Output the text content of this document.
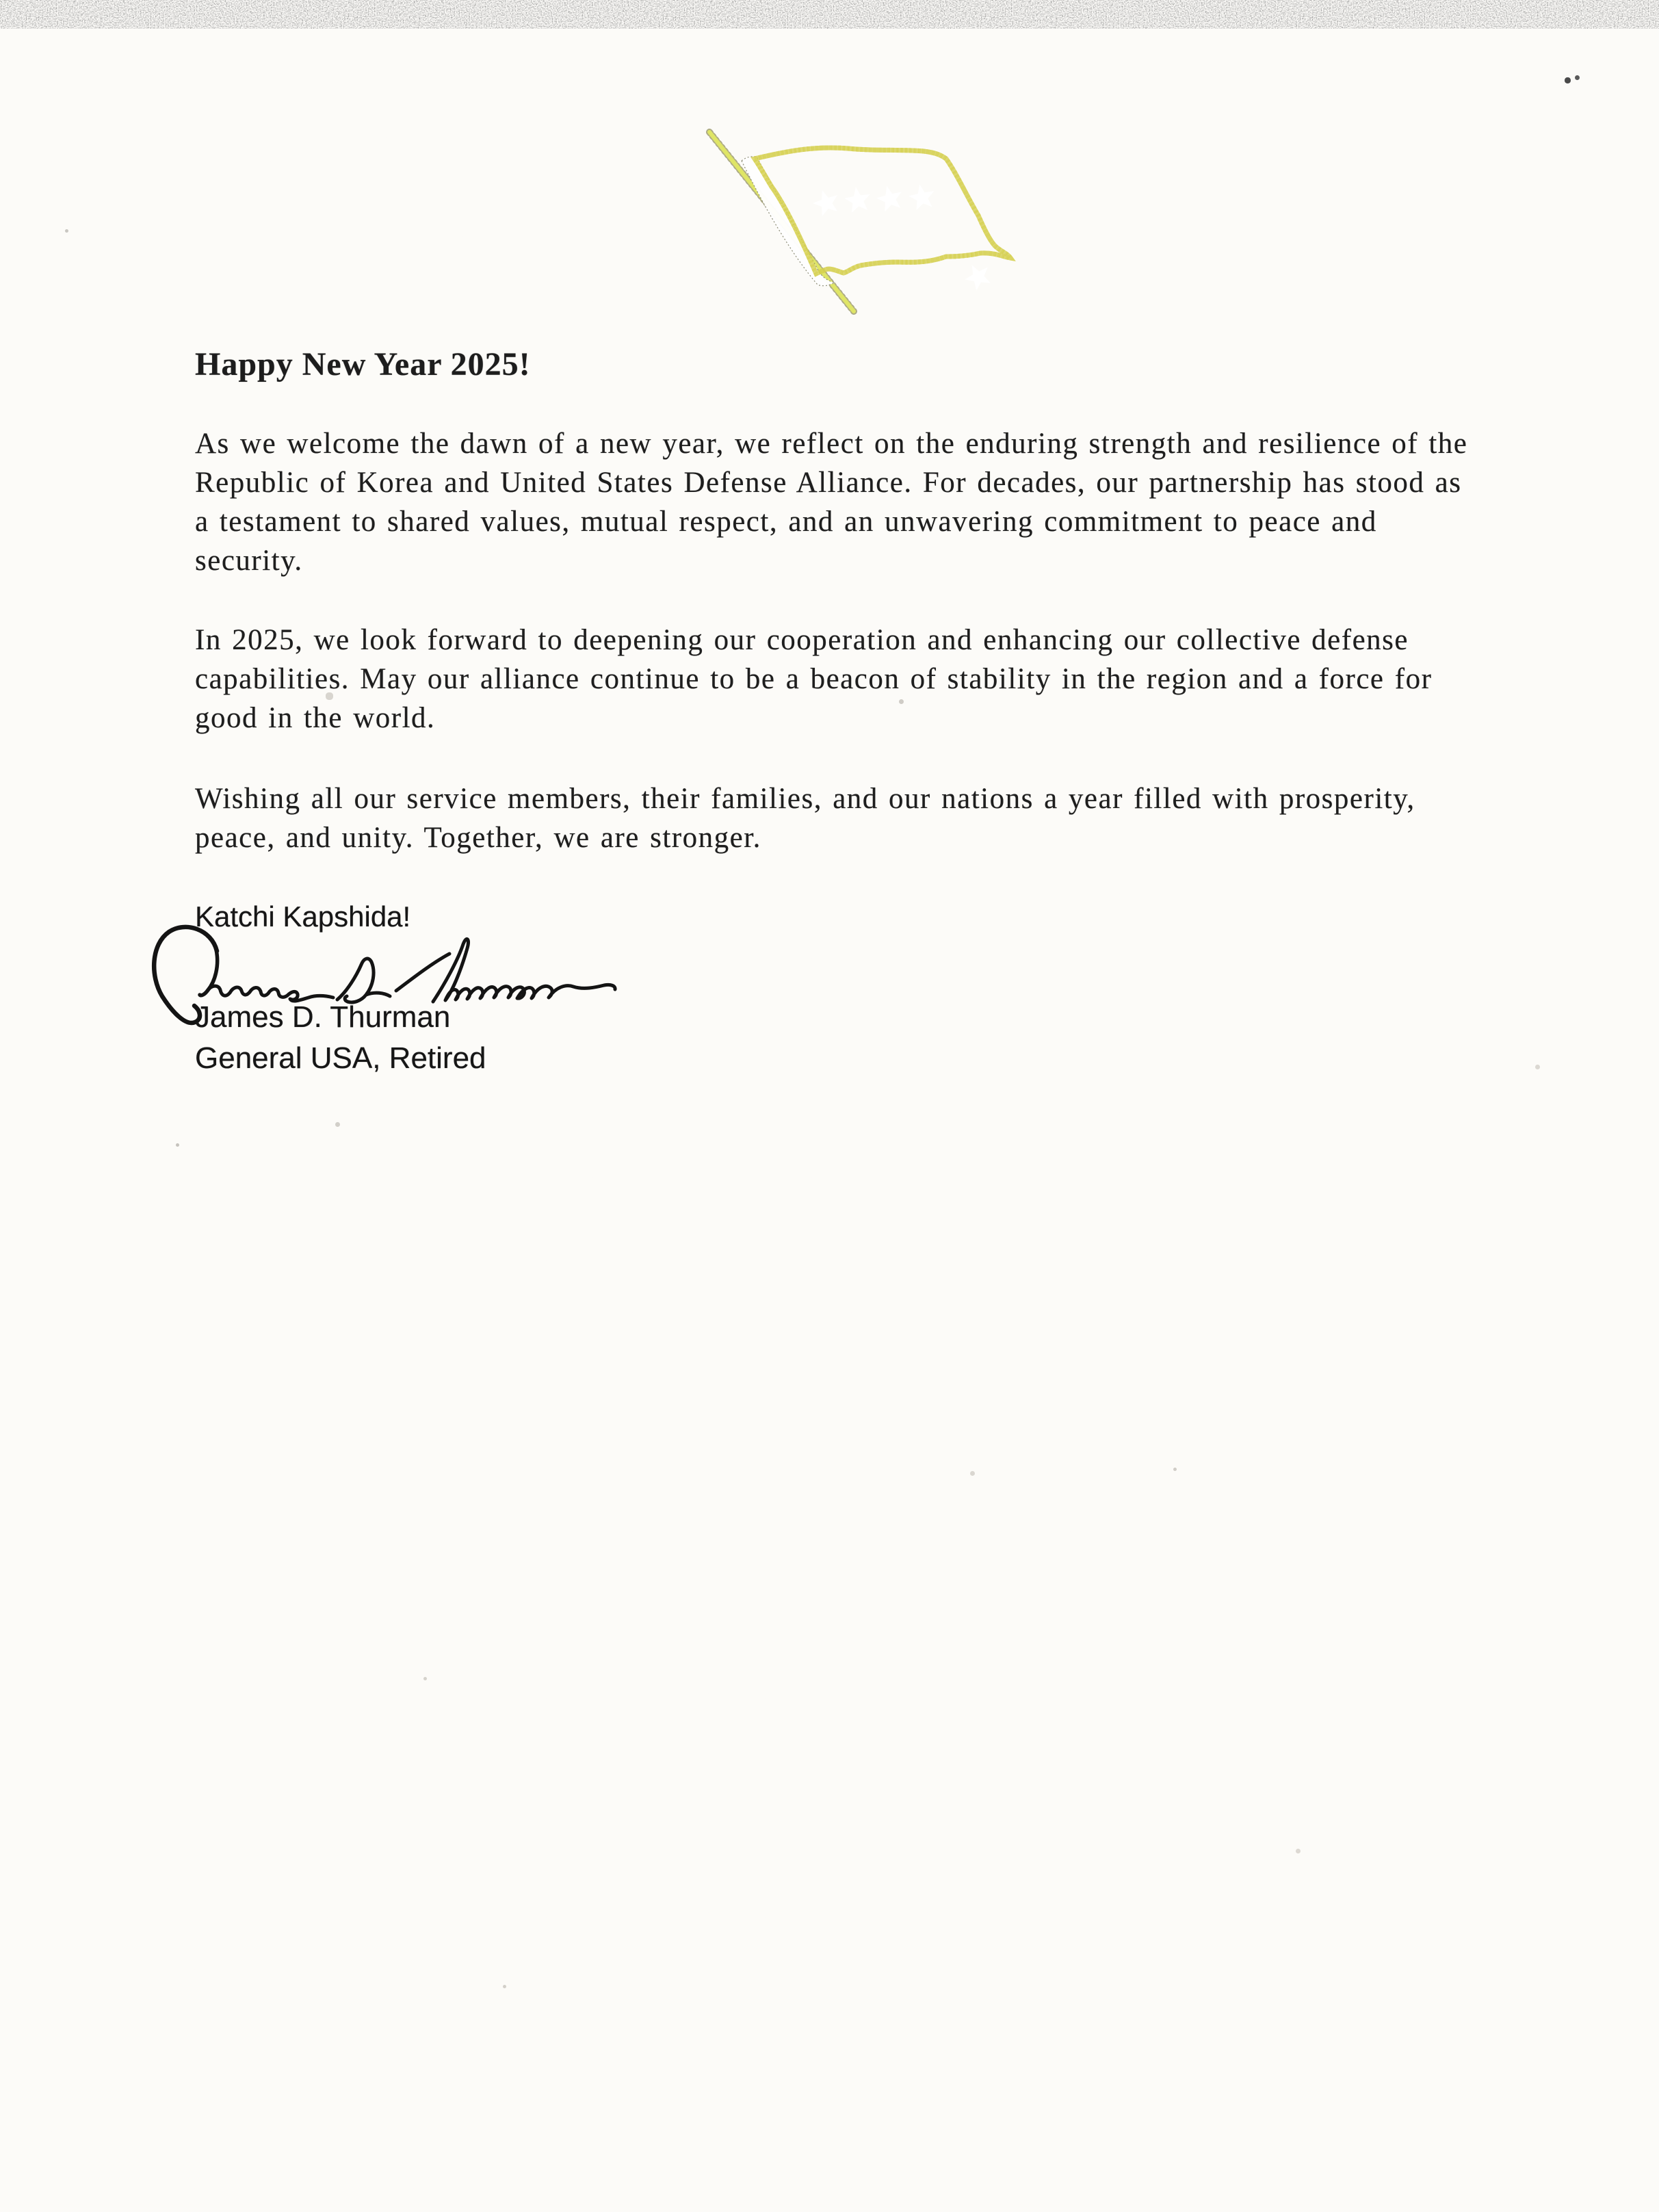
Happy New Year 2025!
As we welcome the dawn of a new year, we reflect on the enduring strength and resilience of the
Republic of Korea and United States Defense Alliance. For decades, our partnership has stood as
a testament to shared values, mutual respect, and an unwavering commitment to peace and
security.
In 2025, we look forward to deepening our cooperation and enhancing our collective defense
capabilities. May our alliance continue to be a beacon of stability in the region and a force for
good in the world.
Wishing all our service members, their families, and our nations a year filled with prosperity,
peace, and unity. Together, we are stronger.
Katchi Kapshida!
James D. Thurman
General USA, Retired
